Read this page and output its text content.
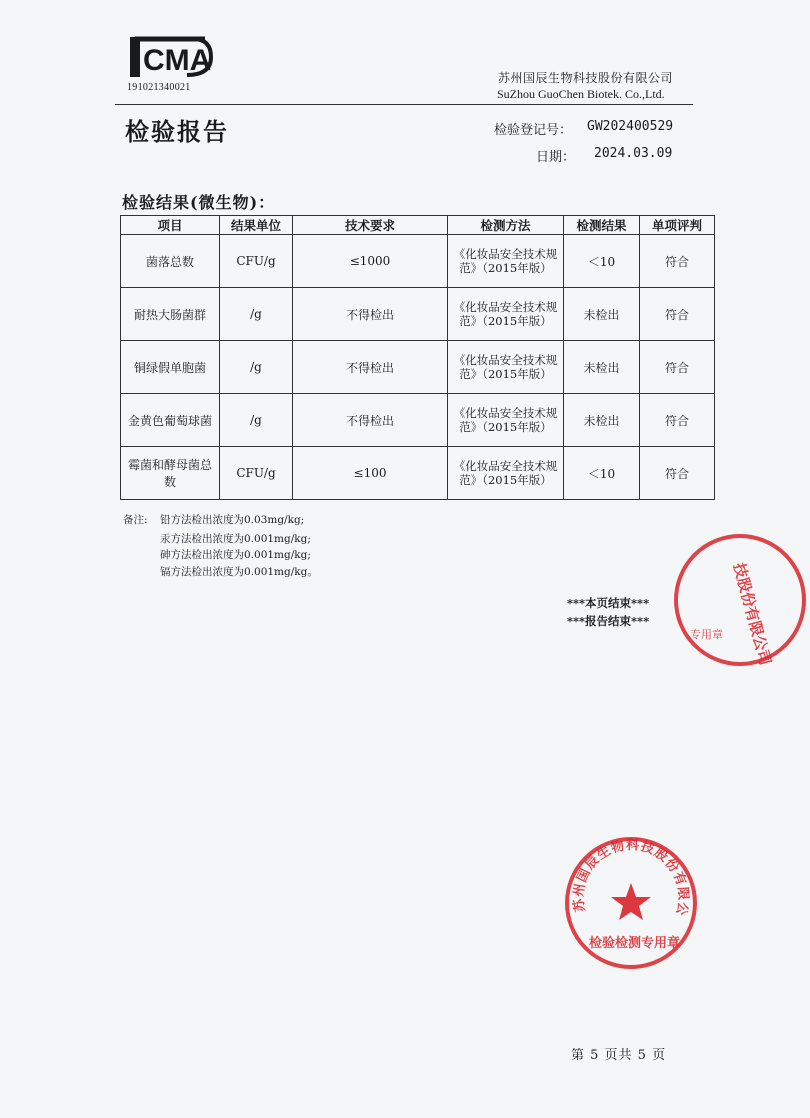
CMA
191021340021
苏州国辰生物科技股份有限公司
SuZhou GuoChen Biotek. Co.,Ltd.
检验报告	检验登记号： GW202400529
日期： 2024.03.09
检验结果(微生物)：
项目	结果单位	技术要求	检测方法	检测结果	单项评判
菌落总数	CFU/g	≤1000	《化妆品安全技术规范》（2015年版）	＜10	符合
耐热大肠菌群	/g	不得检出	《化妆品安全技术规范》（2015年版）	未检出	符合
铜绿假单胞菌	/g	不得检出	《化妆品安全技术规范》（2015年版）	未检出	符合
金黄色葡萄球菌	/g	不得检出	《化妆品安全技术规范》（2015年版）	未检出	符合
霉菌和酵母菌总数	CFU/g	≤100	《化妆品安全技术规范》（2015年版）	＜10	符合
备注: 铅方法检出浓度为0.03mg/kg;
汞方法检出浓度为0.001mg/kg;
砷方法检出浓度为0.001mg/kg;
镉方法检出浓度为0.001mg/kg。
***本页结束***
***报告结束***	技股份有限公司
专用章
苏州国辰生物科技股份有限公
检验检测专用章
第 5 页共 5 页
